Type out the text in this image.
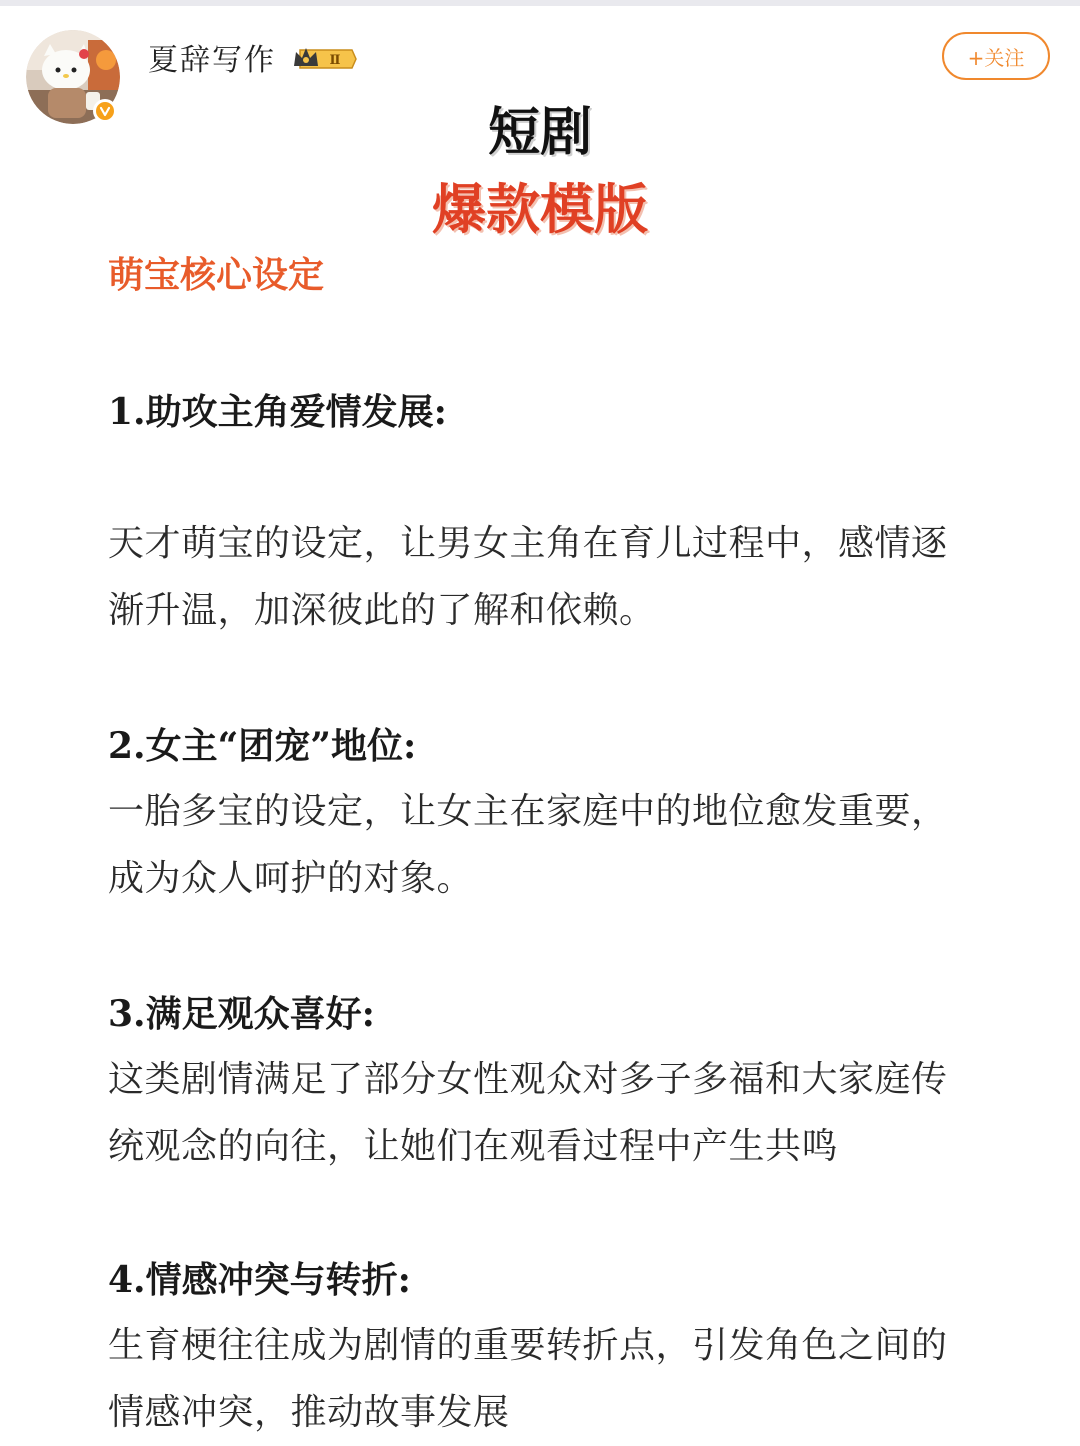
夏辞写作	Ⅱ	+关注
短剧
爆款模版
萌宝核心设定
1.助攻主角爱情发展:
天才萌宝的设定，让男女主角在育儿过程中，感情逐渐升温，加深彼此的了解和依赖。
2.女主“团宠”地位:
一胎多宝的设定，让女主在家庭中的地位愈发重要，成为众人呵护的对象。
3.满足观众喜好:
这类剧情满足了部分女性观众对多子多福和大家庭传统观念的向往，让她们在观看过程中产生共鸣
4.情感冲突与转折:
生育梗往往成为剧情的重要转折点，引发角色之间的情感冲突，推动故事发展
